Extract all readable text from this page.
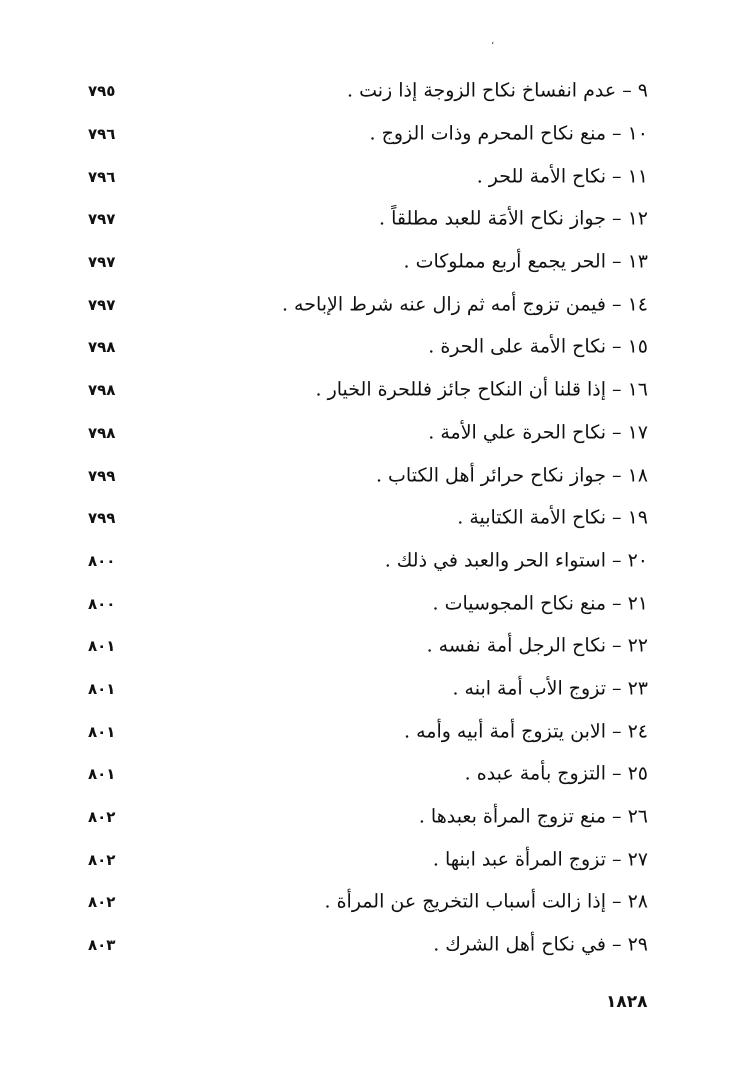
،
٩ – عدم انفساخ نكاح الزوجة إذا زنت .
٧٩٥
١٠ – منع نكاح المحرم وذات الزوج .
٧٩٦
١١ – نكاح الأمة للحر .
٧٩٦
١٢ – جواز نكاح الأمَة للعبد مطلقاً .
٧٩٧
١٣ – الحر يجمع أربع مملوكات .
٧٩٧
١٤ – فيمن تزوج أمه ثم زال عنه شرط الإباحه .
٧٩٧
١٥ – نكاح الأمة على الحرة .
٧٩٨
١٦ – إذا قلنا أن النكاح جائز فللحرة الخيار .
٧٩٨
١٧ – نكاح الحرة علي الأمة .
٧٩٨
١٨ – جواز نكاح حرائر أهل الكتاب .
٧٩٩
١٩ – نكاح الأمة الكتابية .
٧٩٩
٢٠ – استواء الحر والعبد في ذلك .
٨٠٠
٢١ – منع نكاح المجوسيات .
٨٠٠
٢٢ – نكاح الرجل أمة نفسه .
٨٠١
٢٣ – تزوج الأب أمة ابنه .
٨٠١
٢٤ – الابن يتزوج أمة أبيه وأمه .
٨٠١
٢٥ – التزوج بأمة عبده .
٨٠١
٢٦ – منع تزوج المرأة بعبدها .
٨٠٢
٢٧ – تزوج المرأة عبد ابنها .
٨٠٢
٢٨ – إذا زالت أسباب التخريج عن المرأة .
٨٠٢
٢٩ – في نكاح أهل الشرك .
٨٠٣
١٨٢٨
